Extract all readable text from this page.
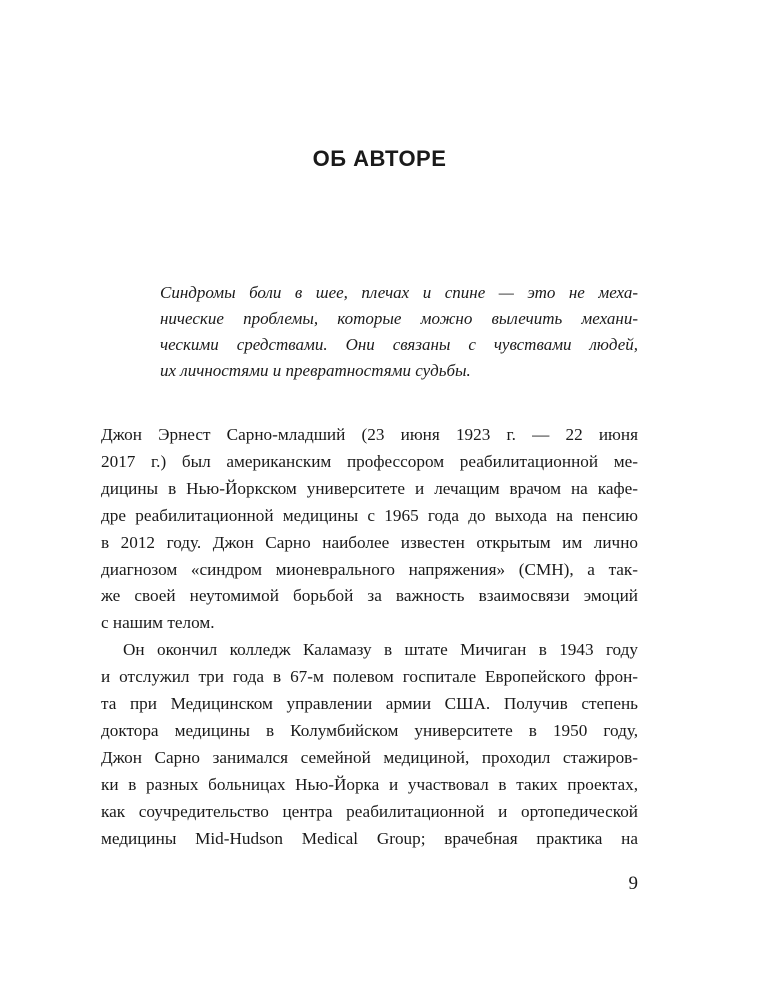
ОБ АВТОРЕ
Синдромы боли в шее, плечах и спине — это не меха-
нические проблемы, которые можно вылечить механи-
ческими средствами. Они связаны с чувствами людей,
их личностями и превратностями судьбы.
Джон Эрнест Сарно-младший (23 июня 1923 г. — 22 июня
2017 г.) был американским профессором реабилитационной ме-
дицины в Нью-Йоркском университете и лечащим врачом на кафе-
дре реабилитационной медицины с 1965 года до выхода на пенсию
в 2012 году. Джон Сарно наиболее известен открытым им лично
диагнозом «синдром мионеврального напряжения» (СМН), а так-
же своей неутомимой борьбой за важность взаимосвязи эмоций
с нашим телом.
Он окончил колледж Каламазу в штате Мичиган в 1943 году
и отслужил три года в 67-м полевом госпитале Европейского фрон-
та при Медицинском управлении армии США. Получив степень
доктора медицины в Колумбийском университете в 1950 году,
Джон Сарно занимался семейной медициной, проходил стажиров-
ки в разных больницах Нью-Йорка и участвовал в таких проектах,
как соучредительство центра реабилитационной и ортопедической
медицины Mid-Hudson Medical Group; врачебная практика на
9
